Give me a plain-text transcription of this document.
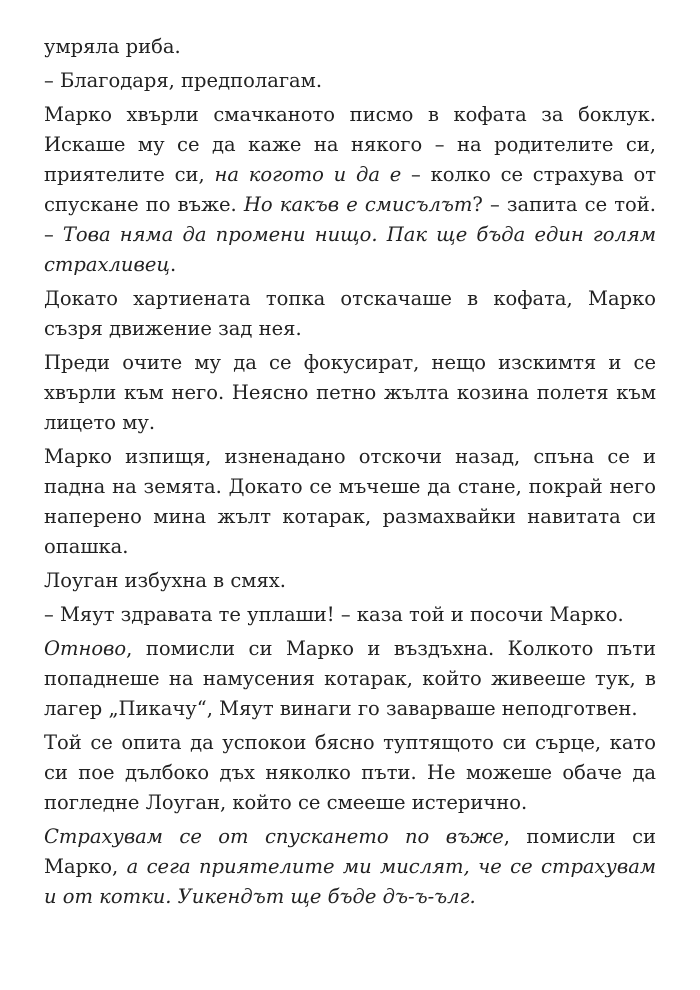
умряла риба.

– Благодаря, предполагам.

Марко хвърли смачканото писмо в кофата за боклук. Искаше му се да каже на някого – на родителите си, приятелите си, на когото и да е – колко се страхува от спускане по въже. Но какъв е смисълът? – запита се той. – Това няма да промени нищо. Пак ще бъда един голям страхливец.

Докато хартиената топка отскачаше в кофата, Марко съзря движение зад нея.

Преди очите му да се фокусират, нещо изскимтя и се хвърли към него. Неясно петно жълта козина полетя към лицето му.

Марко изпищя, изненадано отскочи назад, спъна се и падна на земята. Докато се мъчеше да стане, покрай него наперено мина жълт котарак, размахвайки навитата си опашка.

Лоуган избухна в смях.

– Мяут здравата те уплаши! – каза той и посочи Марко.

Отново, помисли си Марко и въздъхна. Колкото пъти попаднеше на намусения котарак, който живееше тук, в лагер „Пикачу“, Мяут винаги го заварваше неподготвен.

Той се опита да успокои бясно туптящото си сърце, като си пое дълбоко дъх няколко пъти. Не можеше обаче да погледне Лоуган, който се смееше истерично.

Страхувам се от спускането по въже, помисли си Марко, а сега приятелите ми мислят, че се страхувам и от котки. Уикендът ще бъде дъ-ъ-ълг.
